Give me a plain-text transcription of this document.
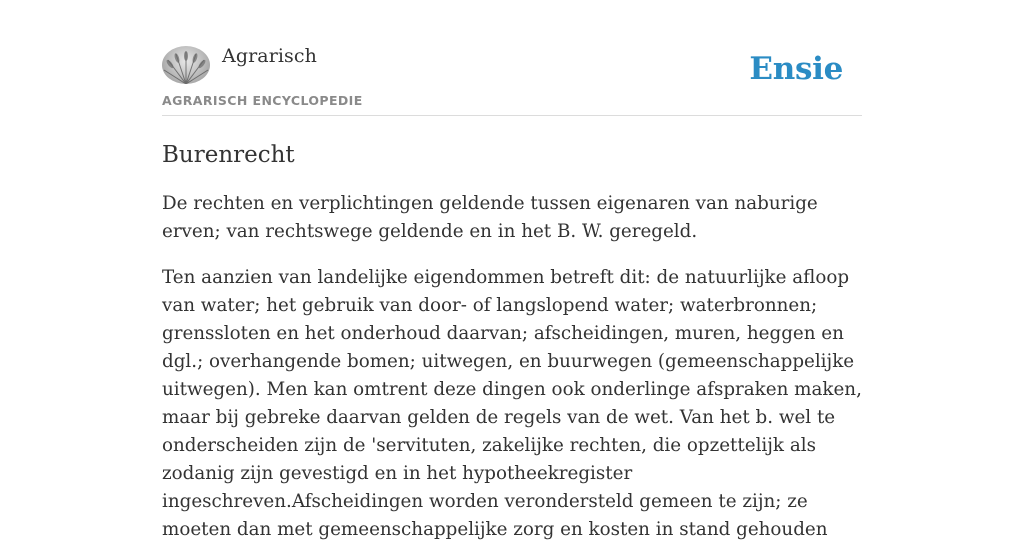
Agrarisch
AGRARISCH ENCYCLOPEDIE
Ensie
Burenrecht

De rechten en verplichtingen geldende tussen eigenaren van naburige erven; van rechtswege geldende en in het B. W. geregeld.

Ten aanzien van landelijke eigendommen betreft dit: de natuurlijke afloop van water; het gebruik van door- of langslopend water; waterbronnen; grenssloten en het onderhoud daarvan; afscheidingen, muren, heggen en dgl.; overhangende bomen; uitwegen, en buurwegen (gemeenschappelijke uitwegen). Men kan omtrent deze dingen ook onderlinge afspraken maken, maar bij gebreke daarvan gelden de regels van de wet. Van het b. wel te onderscheiden zijn de 'servituten, zakelijke rechten, die opzettelijk als zodanig zijn gevestigd en in het hypotheekregister ingeschreven.Afscheidingen worden verondersteld gemeen te zijn; ze moeten dan met gemeenschappelijke zorg en kosten in stand gehouden
